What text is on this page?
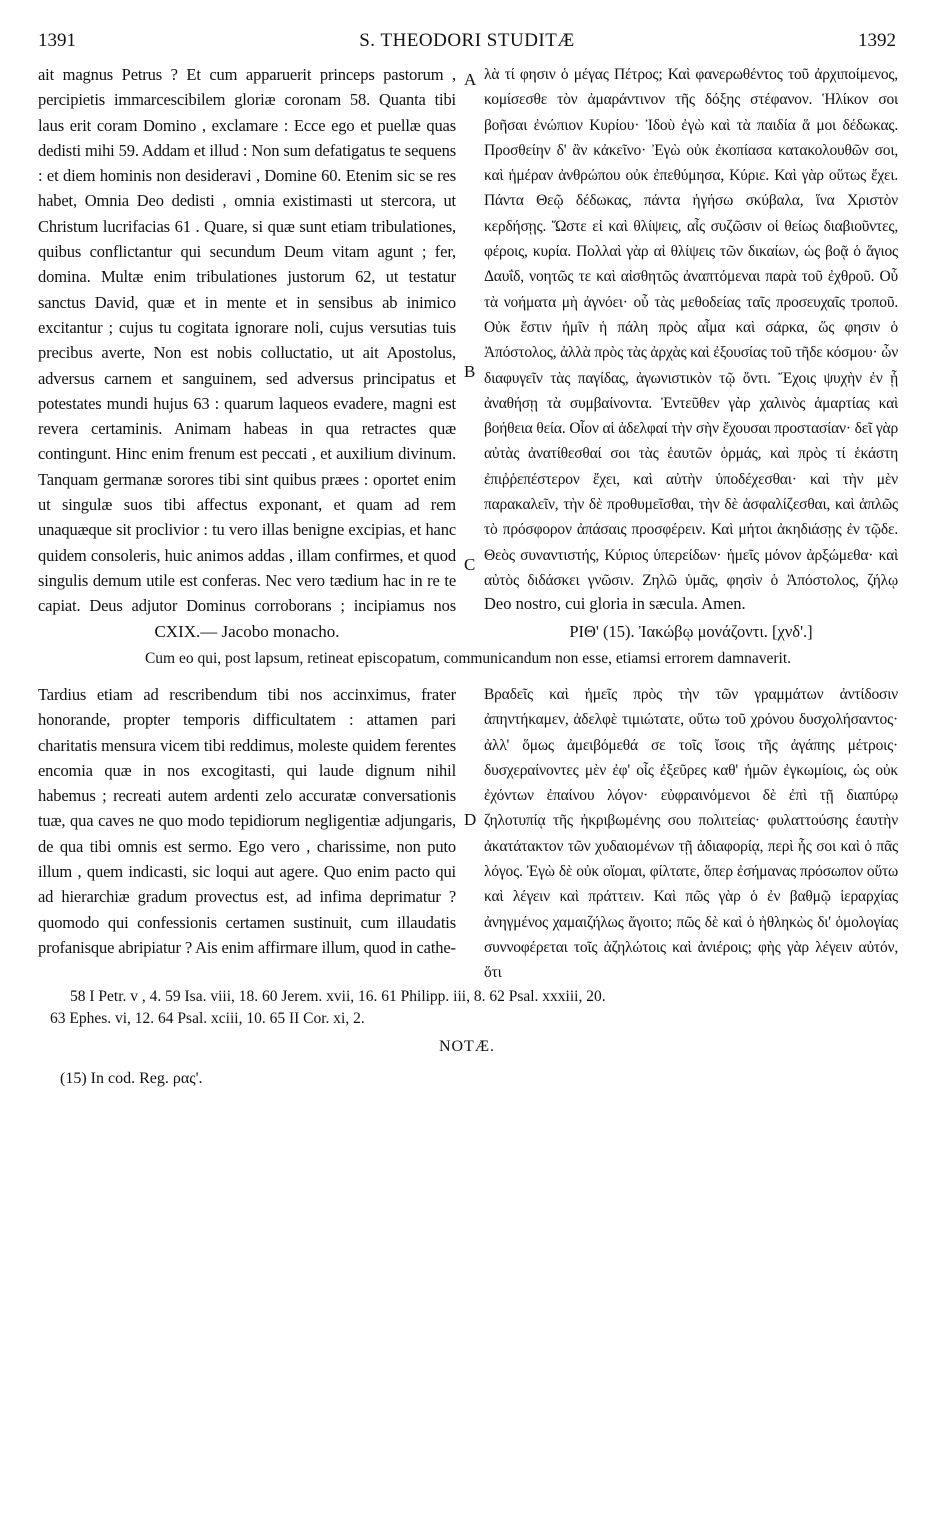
1391	S. THEODORI STUDITÆ	1392
A
B
C
D

ait magnus Petrus ? Et cum apparuerit princeps pastorum , percipietis immarcescibilem gloriæ coronam 58. Quanta tibi laus erit coram Domino , exclamare : Ecce ego et puellæ quas dedisti mihi 59. Addam et illud : Non sum defatigatus te sequens : et diem hominis non desideravi , Domine 60. Etenim sic se res habet, Omnia Deo dedisti , omnia existimasti ut stercora, ut Christum lucrifacias 61 . Quare, si quæ sunt etiam tribulationes, quibus conflictantur qui secundum Deum vitam agunt ; fer, domina. Multæ enim tribulationes justorum 62, ut testatur sanctus David, quæ et in mente et in sensibus ab inimico excitantur ; cujus tu cogitata ignorare noli, cujus versutias tuis precibus averte, Non est nobis colluctatio, ut ait Apostolus, adversus carnem et sanguinem, sed adversus principatus et potestates mundi hujus 63 : quarum laqueos evadere, magni est revera certaminis. Animam habeas in qua retractes quæ contingunt. Hinc enim frenum est peccati , et auxilium divinum. Tanquam germanæ sorores tibi sint quibus præes : oportet enim ut singulæ suos tibi affectus exponant, et quam ad rem unaquæque sit proclivior : tu vero illas benigne excipias, et hanc quidem consoleris, huic animos addas , illam confirmes, et quod singulis demum utile est conferas. Nec vero tædium hac in re te capiat. Deus adjutor Dominus corroborans ; incipiamus nos

λὰ τί φησιν ὁ μέγας Πέτρος; Καὶ φανερωθέντος τοῦ ἀρχιποίμενος, κομίσεσθε τὸν ἀμαράντινον τῆς δόξης στέφανον. Ἡλίκον σοι βοῆσαι ἐνώπιον Κυρίου· Ἰδοὺ ἐγὼ καὶ τὰ παιδία ἅ μοι δέδωκας. Προσθείην δ' ἂν κἀκεῖνο· Ἐγὼ οὐκ ἐκοπίασα κατακολουθῶν σοι, καὶ ἡμέραν ἀνθρώπου οὐκ ἐπεθύμησα, Κύριε. Καὶ γὰρ οὕτως ἔχει. Πάντα Θεῷ δέδωκας, πάντα ἡγήσω σκύβαλα, ἵνα Χριστὸν κερδήσῃς. Ὥστε εἰ καὶ θλίψεις, αἷς συζῶσιν οἱ θείως διαβιοῦντες, φέροις, κυρία. Πολλαὶ γὰρ αἱ θλίψεις τῶν δικαίων, ὡς βοᾷ ὁ ἅγιος Δαυΐδ, νοητῶς τε καὶ αἰσθητῶς ἀναπτόμεναι παρὰ τοῦ ἐχθροῦ. Οὗ τὰ νοήματα μὴ ἀγνόει· οὗ τὰς μεθοδείας ταῖς προσευχαῖς τροποῦ. Οὐκ ἔστιν ἡμῖν ἡ πάλη πρὸς αἷμα καὶ σάρκα, ὥς φησιν ὁ Ἀπόστολος, ἀλλὰ πρὸς τὰς ἀρχὰς καὶ ἐξουσίας τοῦ τῆδε κόσμου· ὧν διαφυγεῖν τὰς παγίδας, ἀγωνιστικὸν τῷ ὄντι. Ἔχοις ψυχὴν ἐν ᾗ ἀναθήσῃ τὰ συμβαίνοντα. Ἐντεῦθεν γὰρ χαλινὸς ἁμαρτίας καὶ βοήθεια θεία. Οἷον αἱ ἀδελφαί τὴν σὴν ἔχουσαι προστασίαν· δεῖ γὰρ αὐτὰς ἀνατίθεσθαί σοι τὰς ἑαυτῶν ὁρμάς, καὶ πρὸς τί ἑκάστη ἐπιῤῥεπέστερον ἔχει, καὶ αὐτὴν ὑποδέχεσθαι· καὶ τὴν μὲν παρακαλεῖν, τὴν δὲ προθυμεῖσθαι, τὴν δὲ ἀσφαλίζεσθαι, καὶ ἁπλῶς τὸ πρόσφορον ἀπάσαις προσφέρειν. Καὶ μήτοι ἀκηδιάσῃς ἐν τῷδε. Θεὸς συναντιστής, Κύριος ὑπερείδων· ἡμεῖς μόνον ἀρξώμεθα· καὶ αὐτὸς διδάσκει γνῶσιν. Ζηλῶ ὑμᾶς, φησὶν ὁ Ἀπόστολος, ζήλῳ

Deo nostro, cui gloria in sæcula. Amen.
CXIX.— Jacobo monacho.	ΡΙΘ' (15). Ἰακώβῳ μονάζοντι. [χνδ'.]
Cum eo qui, post lapsum, retineat episcopatum, communicandum non esse, etiamsi errorem damnaverit.

Tardius etiam ad rescribendum tibi nos accinximus, frater honorande, propter temporis difficultatem : attamen pari charitatis mensura vicem tibi reddimus, moleste quidem ferentes encomia quæ in nos excogitasti, qui laude dignum nihil habemus ; recreati autem ardenti zelo accuratæ conversationis tuæ, qua caves ne quo modo tepidiorum negligentiæ adjungaris, de qua tibi omnis est sermo. Ego vero , charissime, non puto illum , quem indicasti, sic loqui aut agere. Quo enim pacto qui ad hierarchiæ gradum provectus est, ad infima deprimatur ? quomodo qui confessionis certamen sustinuit, cum illaudatis profanisque abripiatur ? Ais enim affirmare illum, quod in cathe-

Βραδεῖς καὶ ἡμεῖς πρὸς τὴν τῶν γραμμάτων ἀντίδοσιν ἀπηντήκαμεν, ἀδελφὲ τιμιώτατε, οὕτω τοῦ χρόνου δυσχολήσαντος· ἀλλ' ὅμως ἀμειβόμεθά σε τοῖς ἴσοις τῆς ἀγάπης μέτροις· δυσχεραίνοντες μὲν ἐφ' οἷς ἐξεῦρες καθ' ἡμῶν ἐγκωμίοις, ὡς οὐκ ἐχόντων ἐπαίνου λόγον· εὐφραινόμενοι δὲ ἐπὶ τῇ διαπύρῳ ζηλοτυπίᾳ τῆς ἠκριβωμένης σου πολιτείας· φυλαττούσης ἑαυτὴν ἀκατάτακτον τῶν χυδαιομένων τῇ ἀδιαφορίᾳ, περὶ ἧς σοι καὶ ὁ πᾶς λόγος. Ἐγὼ δὲ οὐκ οἴομαι, φίλτατε, ὅπερ ἐσήμανας πρόσωπον οὕτω καὶ λέγειν καὶ πράττειν. Καὶ πῶς γὰρ ὁ ἐν βαθμῷ ἱεραρχίας ἀνηγμένος χαμαιζήλως ἄγοιτο; πῶς δὲ καὶ ὁ ἠθληκὼς δι' ὁμολογίας συννοφέρεται τοῖς ἀζηλώτοις καὶ ἀνιέροις; φὴς γὰρ λέγειν αὐτόν, ὅτι

58 I Petr. v , 4. 59 Isa. viii, 18. 60 Jerem. xvii, 16. 61 Philipp. iii, 8. 62 Psal. xxxiii, 20.
63 Ephes. vi, 12. 64 Psal. xciii, 10. 65 II Cor. xi, 2.
NOTÆ.
(15) In cod. Reg. ρας'.
